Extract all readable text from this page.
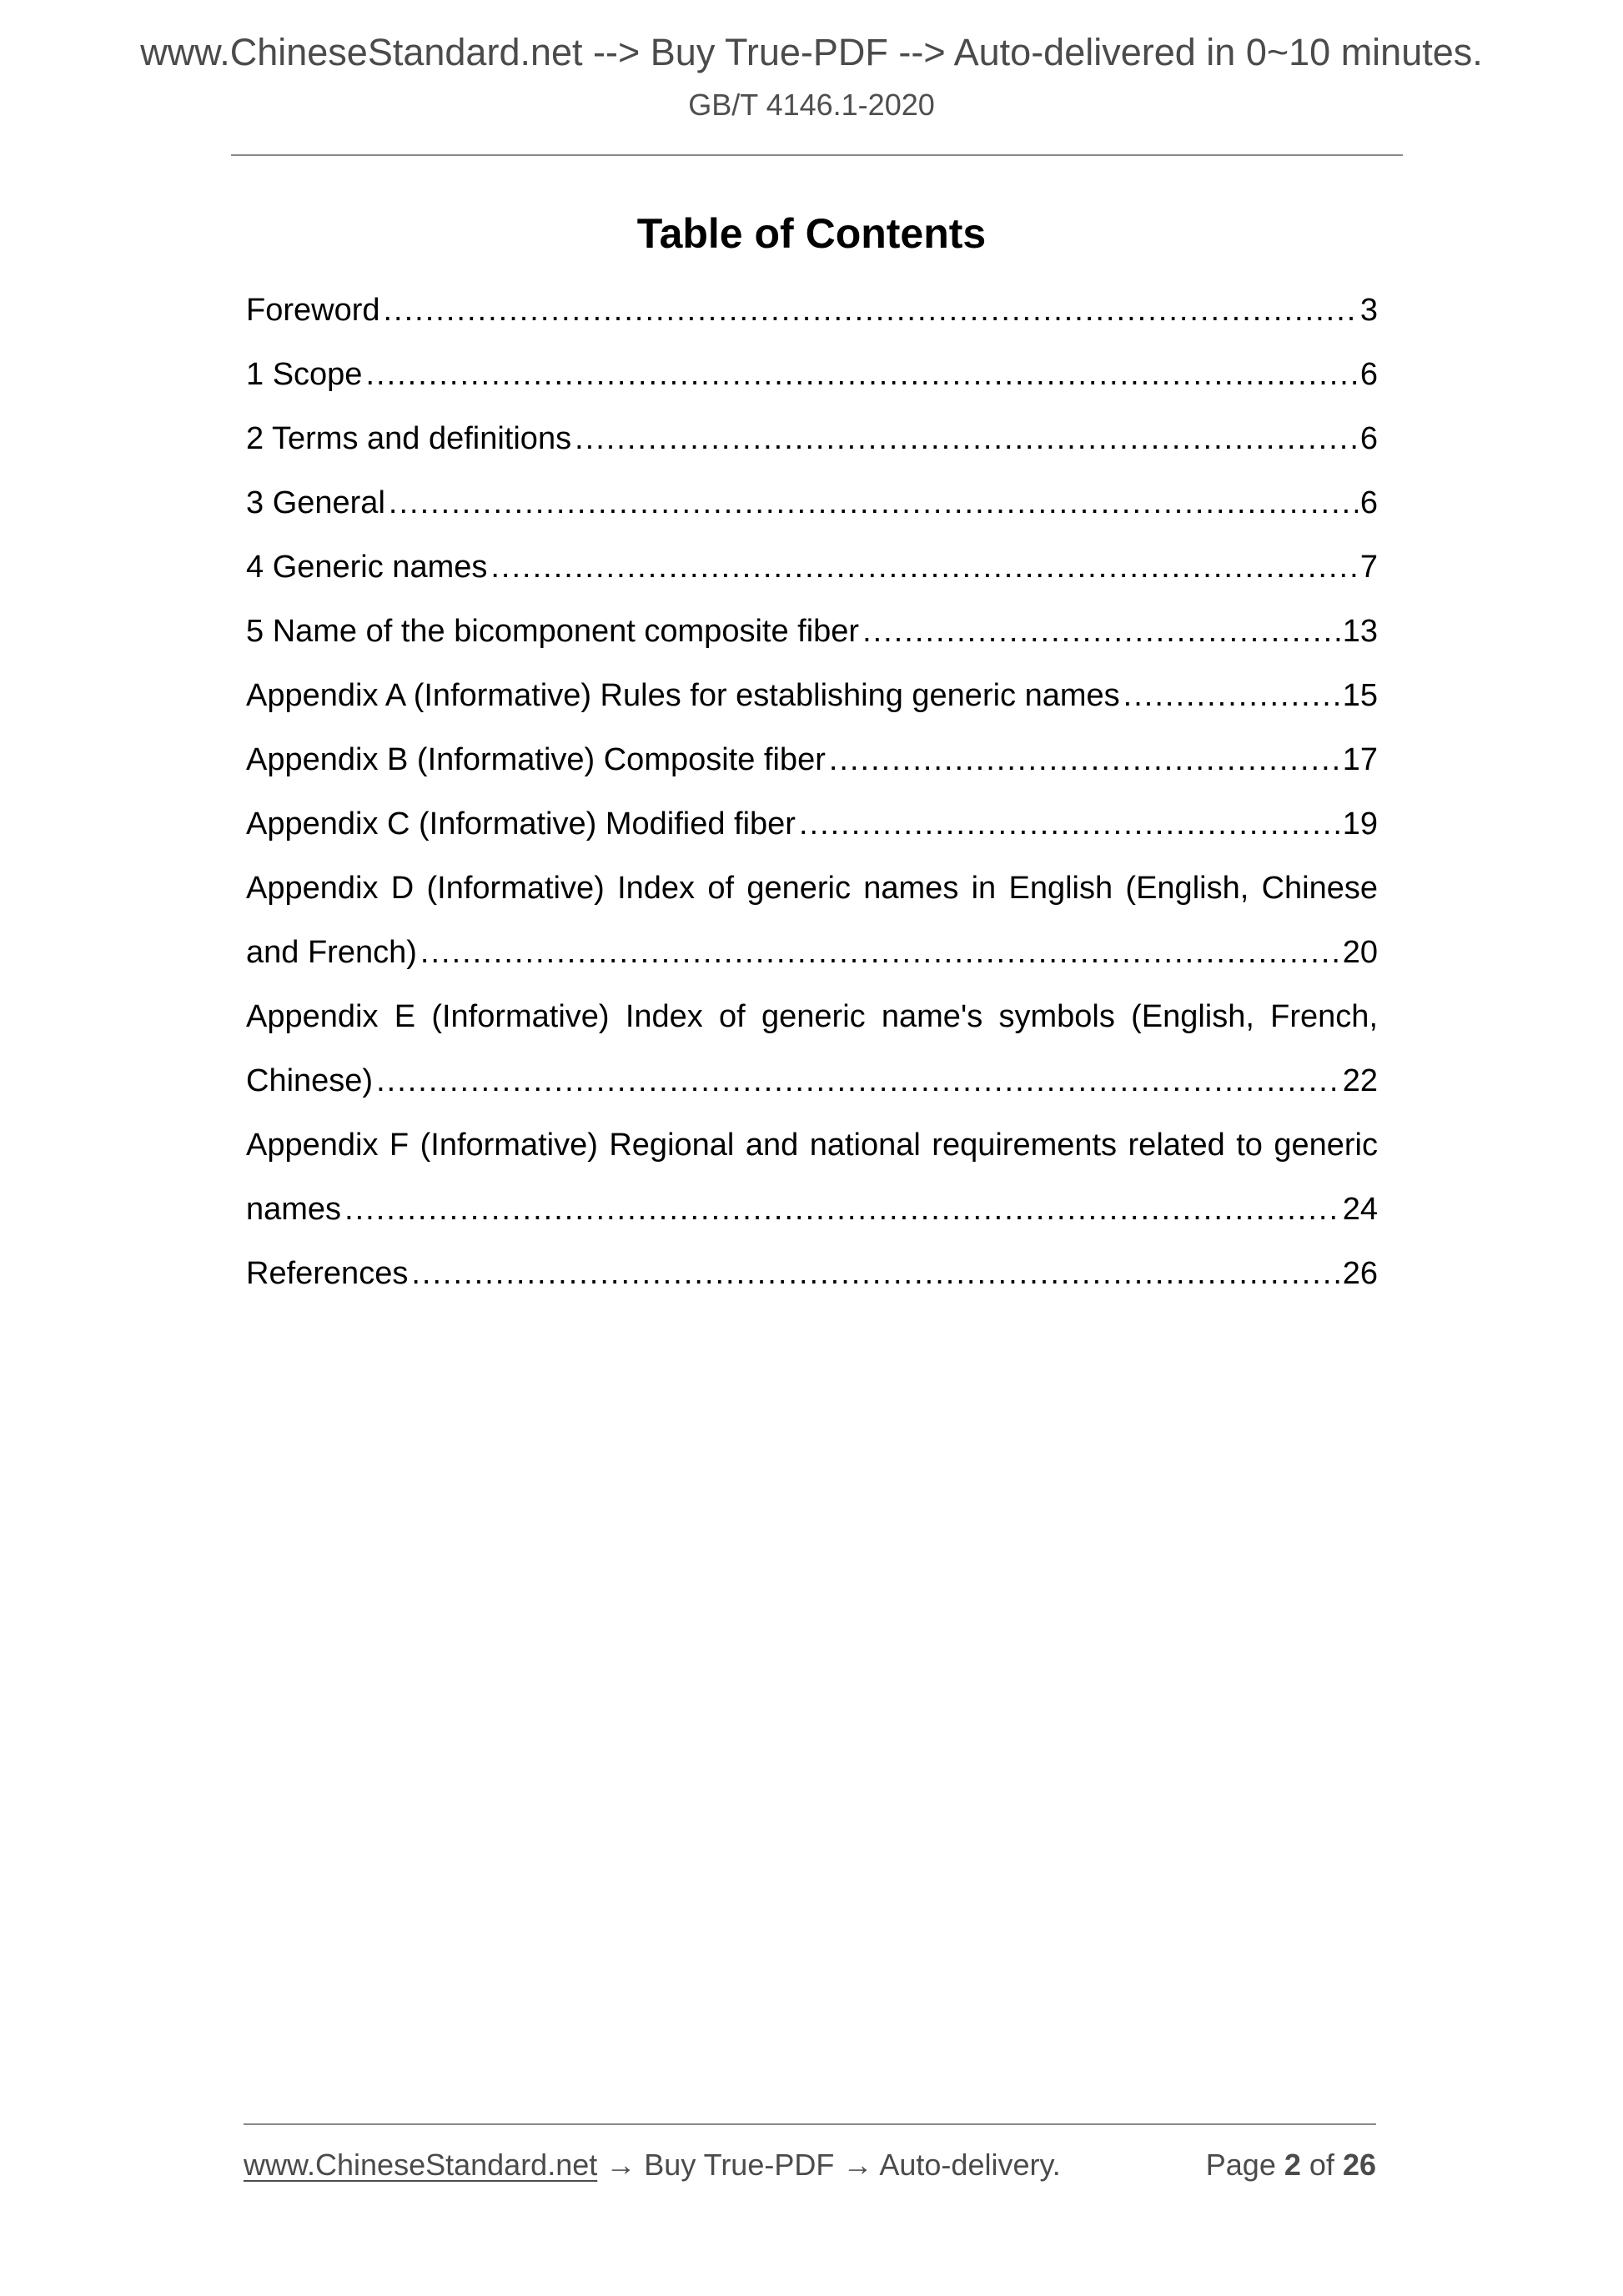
www.ChineseStandard.net --> Buy True-PDF --> Auto-delivered in 0~10 minutes.
GB/T 4146.1-2020
Table of Contents
Foreword .....	3
1 Scope .....	6
2 Terms and definitions .....	6
3 General .....	6
4 Generic names .....	7
5 Name of the bicomponent composite fiber .....	13
Appendix A (Informative) Rules for establishing generic names .....	15
Appendix B (Informative) Composite fiber .....	17
Appendix C (Informative) Modified fiber .....	19
Appendix D (Informative) Index of generic names in English (English, Chinese
and French) .....	20
Appendix E (Informative) Index of generic name's symbols (English, French,
Chinese) .....	22
Appendix F (Informative) Regional and national requirements related to generic
names .....	24
References .....	26
www.ChineseStandard.net → Buy True-PDF → Auto-delivery.	Page 2 of 26
